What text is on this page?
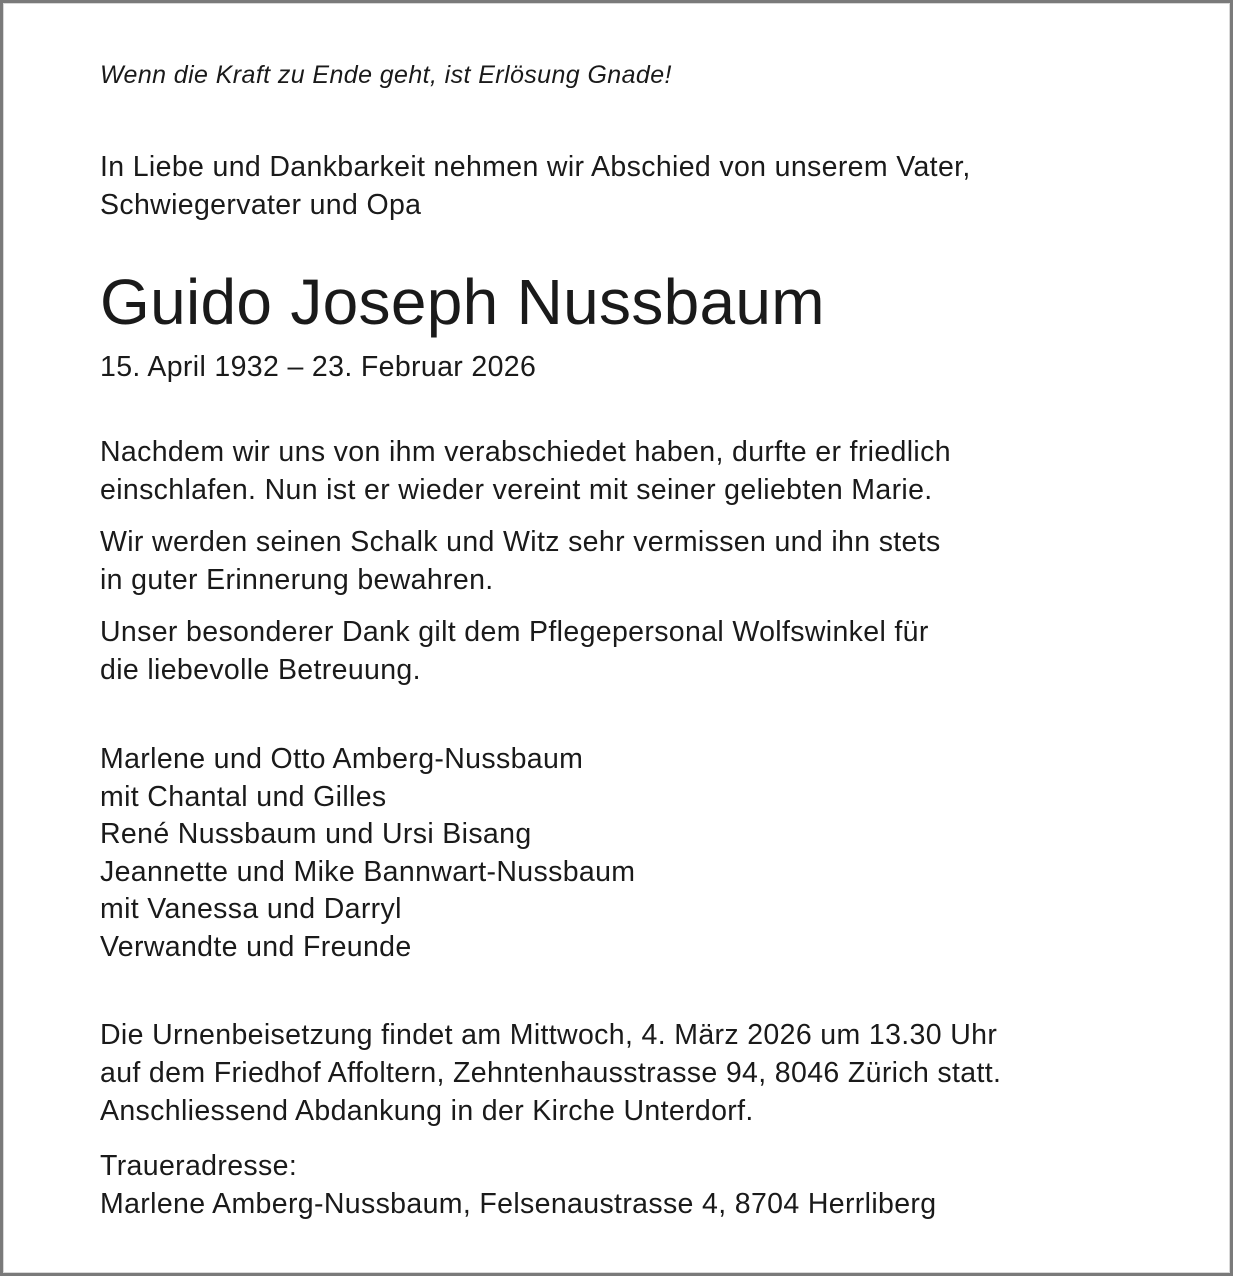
Wenn die Kraft zu Ende geht, ist Erlösung Gnade!
In Liebe und Dankbarkeit nehmen wir Abschied von unserem Vater,
Schwiegervater und Opa
Guido Joseph Nussbaum
15. April 1932 – 23. Februar 2026
Nachdem wir uns von ihm verabschiedet haben, durfte er friedlich
einschlafen. Nun ist er wieder vereint mit seiner geliebten Marie.
Wir werden seinen Schalk und Witz sehr vermissen und ihn stets
in guter Erinnerung bewahren.
Unser besonderer Dank gilt dem Pflegepersonal Wolfswinkel für
die liebevolle Betreuung.
Marlene und Otto Amberg-Nussbaum
mit Chantal und Gilles
René Nussbaum und Ursi Bisang
Jeannette und Mike Bannwart-Nussbaum
mit Vanessa und Darryl
Verwandte und Freunde
Die Urnenbeisetzung findet am Mittwoch, 4. März 2026 um 13.30 Uhr
auf dem Friedhof Affoltern, Zehntenhausstrasse 94, 8046 Zürich statt.
Anschliessend Abdankung in der Kirche Unterdorf.
Traueradresse:
Marlene Amberg-Nussbaum, Felsenaustrasse 4, 8704 Herrliberg
